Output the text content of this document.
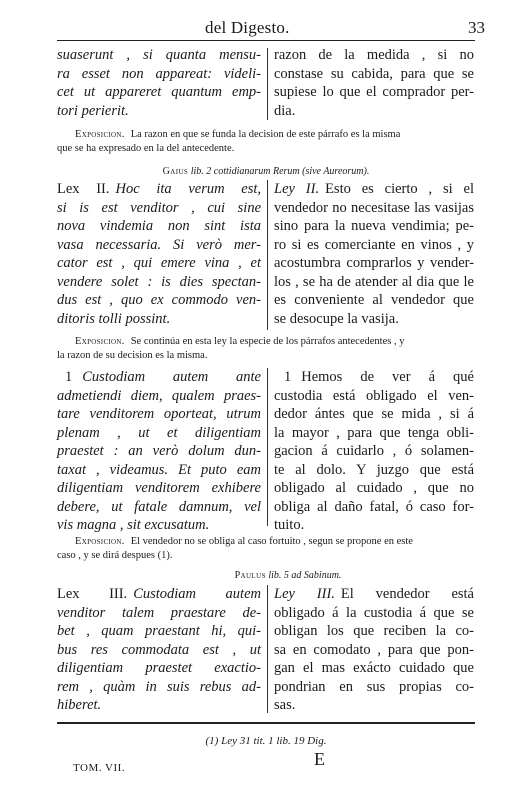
del Digesto.	33
suaserunt , si quanta mensu-
ra esset non appareat: videli-
cet ut appareret quantum emp-
tori perierit.
razon de la medida , si no
constase su cabida, para que se
supiese lo que el comprador per-
dia.
Exposicion. La razon en que se funda la decision de este párrafo es la misma
que se ha expresado en la del antecedente.
Gaius lib. 2 cottidianarum Rerum (sive Aureorum).
Lex II. Hoc ita verum est,
si is est venditor , cui sine
nova vindemia non sint ista
vasa necessaria. Si verò mer-
cator est , qui emere vina , et
vendere solet : is dies spectan-
dus est , quo ex commodo ven-
ditoris tolli possint.
Ley II. Esto es cierto , si el
vendedor no necesitase las vasijas
sino para la nueva vendimia; pe-
ro si es comerciante en vinos , y
acostumbra comprarlos y vender-
los , se ha de atender al dia que le
es conveniente al vendedor que
se desocupe la vasija.
Exposicion. Se continúa en esta ley la especie de los párrafos antecedentes , y
la razon de su decision es la misma.
1 Custodiam autem ante
admetiendi diem, qualem praes-
tare venditorem oporteat, utrum
plenam , ut et diligentiam
praestet : an verò dolum dun-
taxat , videamus. Et puto eam
diligentiam venditorem exhibere
debere, ut fatale damnum, vel
vis magna , sit excusatum.
1 Hemos de ver á qué
custodia está obligado el ven-
dedor ántes que se mida , si á
la mayor , para que tenga obli-
gacion á cuidarlo , ó solamen-
te al dolo. Y juzgo que está
obligado al cuidado , que no
obliga al daño fatal, ó caso for-
tuito.
Exposicion. El vendedor no se obliga al caso fortuito , segun se propone en este
caso , y se dirá despues (1).
Paulus lib. 5 ad Sabinum.
Lex III. Custodiam autem
venditor talem praestare de-
bet , quam praestant hi, qui-
bus res commodata est , ut
diligentiam praestet exactio-
rem , quàm in suis rebus ad-
hiberet.
Ley III. El vendedor está
obligado á la custodia á que se
obligan los que reciben la co-
sa en comodato , para que pon-
gan el mas exácto cuidado que
pondrian en sus propias co-
sas.
(1) Ley 31 tit. 1 lib. 19 Dig.
TOM. VII.	E
